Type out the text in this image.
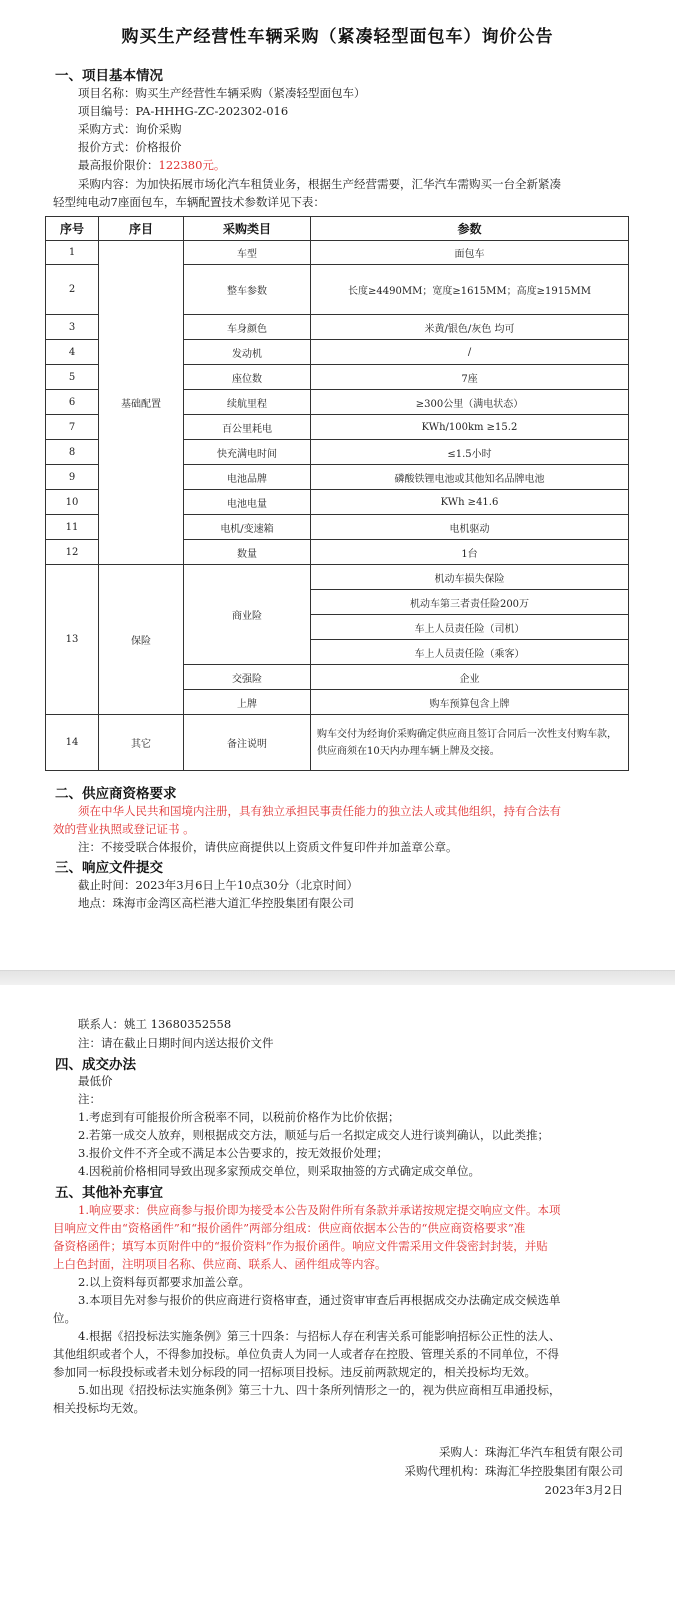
购买生产经营性车辆采购（紧凑轻型面包车）询价公告
一、项目基本情况
项目名称：购买生产经营性车辆采购（紧凑轻型面包车）
项目编号：PA-HHHG-ZC-202302-016
采购方式：询价采购
报价方式：价格报价
最高报价限价：122380元。
采购内容：为加快拓展市场化汽车租赁业务，根据生产经营需要，汇华汽车需购买一台全新紧凑
轻型纯电动7座面包车，车辆配置技术参数详见下表：
序号	序目	采购类目	参数
1	基础配置	车型	面包车
2		整车参数	长度≥4490MM；宽度≥1615MM；高度≥1915MM
3		车身颜色	米黄/银色/灰色 均可
4		发动机	/
5		座位数	7座
6		续航里程	≥300公里（满电状态）
7		百公里耗电	KWh/100km ≥15.2
8		快充满电时间	≤1.5小时
9		电池品牌	磷酸铁锂电池或其他知名品牌电池
10		电池电量	KWh ≥41.6
11		电机/变速箱	电机驱动
12		数量	1台
13	保险	商业险	机动车损失保险
			机动车第三者责任险200万
			车上人员责任险（司机）
			车上人员责任险（乘客）
		交强险	企业
		上牌	购车预算包含上牌
14	其它	备注说明	购车交付为经询价采购确定供应商且签订合同后一次性支付购车款，供应商须在10天内办理车辆上牌及交接。
二、供应商资格要求
须在中华人民共和国境内注册，具有独立承担民事责任能力的独立法人或其他组织，持有合法有
效的营业执照或登记证书 。
注：不接受联合体报价，请供应商提供以上资质文件复印件并加盖章公章。
三、响应文件提交
截止时间：2023年3月6日上午10点30分（北京时间）
地点：珠海市金湾区高栏港大道汇华控股集团有限公司
联系人：姚工 13680352558
注：请在截止日期时间内送达报价文件
四、成交办法
最低价
注：
1.考虑到有可能报价所含税率不同，以税前价格作为比价依据；
2.若第一成交人放弃，则根据成交方法，顺延与后一名拟定成交人进行谈判确认，以此类推；
3.报价文件不齐全或不满足本公告要求的，按无效报价处理；
4.因税前价格相同导致出现多家预成交单位，则采取抽签的方式确定成交单位。
五、其他补充事宜
1.响应要求：供应商参与报价即为接受本公告及附件所有条款并承诺按规定提交响应文件。本项
目响应文件由“资格函件”和“报价函件”两部分组成：供应商依据本公告的“供应商资格要求”准
备资格函件；填写本页附件中的“报价资料”作为报价函件。响应文件需采用文件袋密封封装，并贴
上白色封面，注明项目名称、供应商、联系人、函件组成等内容。
2.以上资料每页都要求加盖公章。
3.本项目先对参与报价的供应商进行资格审查，通过资审审查后再根据成交办法确定成交候选单
位。
4.根据《招投标法实施条例》第三十四条：与招标人存在利害关系可能影响招标公正性的法人、
其他组织或者个人，不得参加投标。单位负责人为同一人或者存在控股、管理关系的不同单位，不得
参加同一标段投标或者未划分标段的同一招标项目投标。违反前两款规定的，相关投标均无效。
5.如出现《招投标法实施条例》第三十九、四十条所列情形之一的，视为供应商相互串通投标，
相关投标均无效。
采购人：珠海汇华汽车租赁有限公司
采购代理机构：珠海汇华控股集团有限公司
2023年3月2日
